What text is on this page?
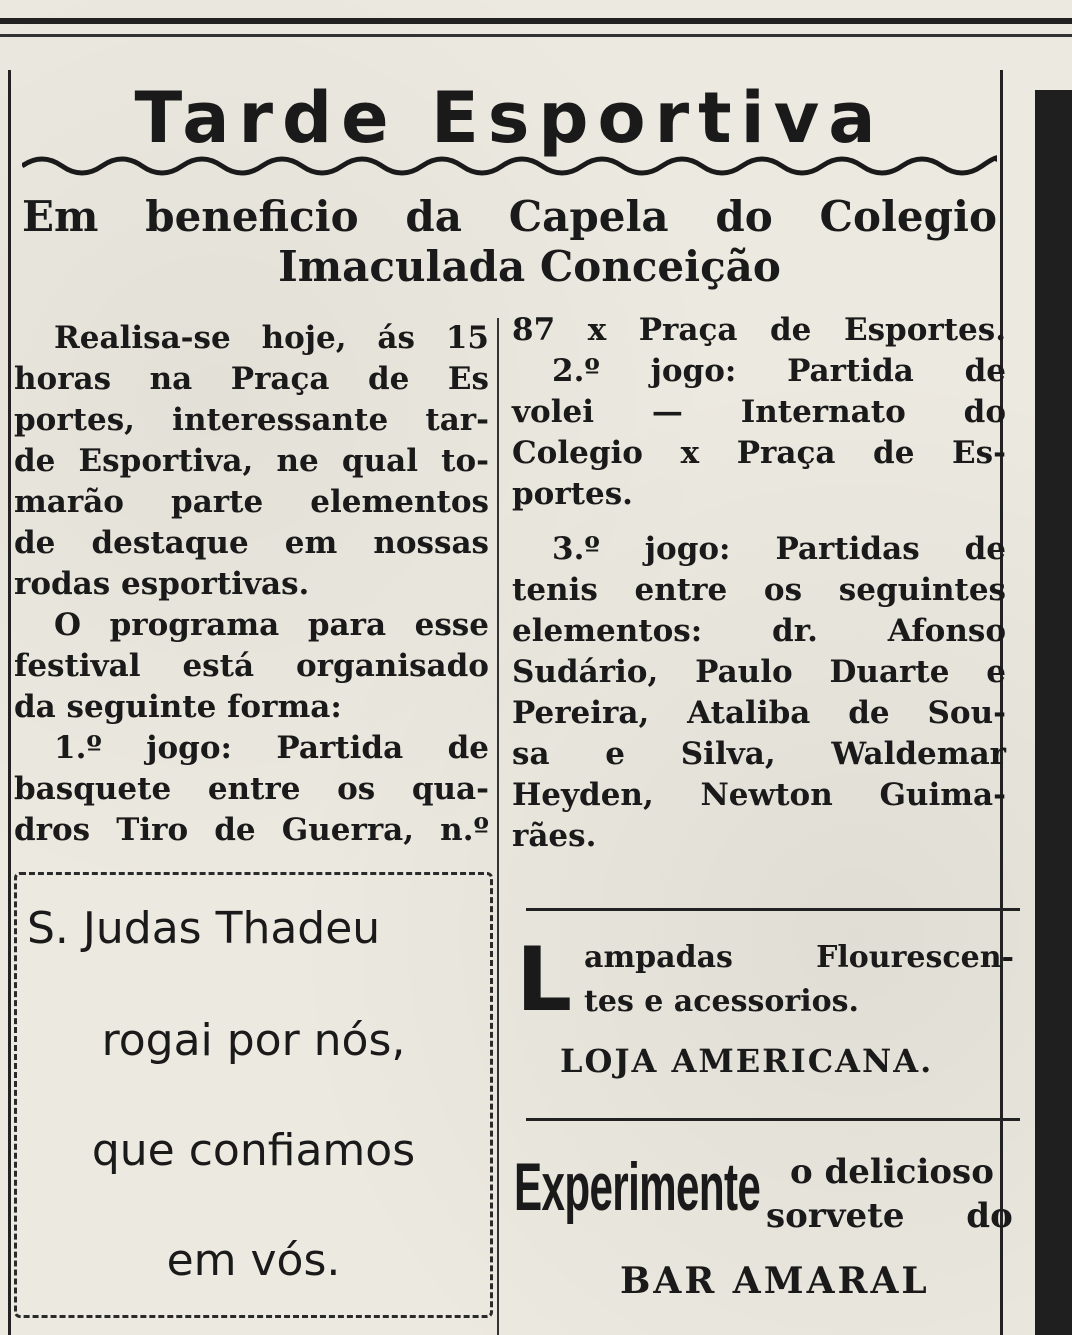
Tarde Esportiva
Em beneficio da Capela do Colegio
Imaculada Conceição

Realisa-se hoje, ás 15

horas na Praça de Es

portes, interessante tar-

de Esportiva, ne qual to-

marão parte elementos

de destaque em nossas

rodas esportivas.

O programa para esse

festival está organisado

da seguinte forma:

1.º jogo: Partida de

basquete entre os qua-

dros Tiro de Guerra, n.º

87 x Praça de Esportes.

2.º jogo: Partida de

volei — Internato do

Colegio x Praça de Es-

portes.

3.º jogo: Partidas de

tenis entre os seguintes

elementos: dr. Afonso

Sudário, Paulo Duarte e

Pereira, Ataliba de Sou-

sa e Silva, Waldemar

Heyden, Newton Guima-

rães.

S. Judas Thadeu
rogai por nós,
que confiamos
em vós.
L ampadas Flourescen-
tes e acessorios.
LOJA AMERICANA.
Experimente o delicioso
sorvete do
BAR AMARAL
